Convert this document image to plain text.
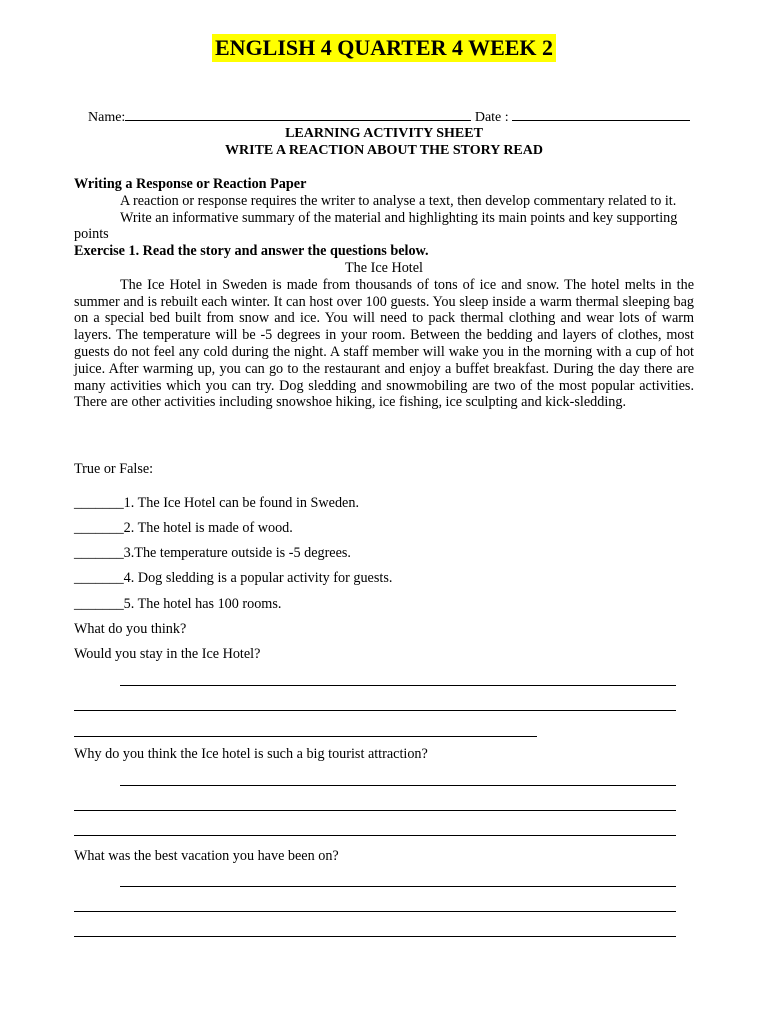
ENGLISH 4 QUARTER 4 WEEK 2

Name:	Date :

LEARNING ACTIVITY SHEET
WRITE A REACTION ABOUT THE STORY READ
Writing a Response or Reaction Paper
A reaction or response requires the writer to analyse a text, then develop commentary related to it.
Write an informative summary of the material and highlighting its main points and key supporting points
Exercise 1. Read the story and answer the questions below.
The Ice Hotel
The Ice Hotel in Sweden is made from thousands of tons of ice and snow. The hotel melts in the summer and is rebuilt each winter. It can host over 100 guests. You sleep inside a warm thermal sleeping bag on a special bed built from snow and ice. You will need to pack thermal clothing and wear lots of warm layers. The temperature will be -5 degrees in your room. Between the bedding and layers of clothes, most guests do not feel any cold during the night. A staff member will wake you in the morning with a cup of hot juice. After warming up, you can go to the restaurant and enjoy a buffet breakfast. During the day there are many activities which you can try. Dog sledding and snowmobiling are two of the most popular activities. There are other activities including snowshoe hiking, ice fishing, ice sculpting and kick-sledding.
True or False:
_______1. The Ice Hotel can be found in Sweden.
_______2. The hotel is made of wood.
_______3.The temperature outside is -5 degrees.
_______4. Dog sledding is a popular activity for guests.
_______5. The hotel has 100 rooms.
What do you think?
Would you stay in the Ice Hotel?
Why do you think the Ice hotel is such a big tourist attraction?
What was the best vacation you have been on?
